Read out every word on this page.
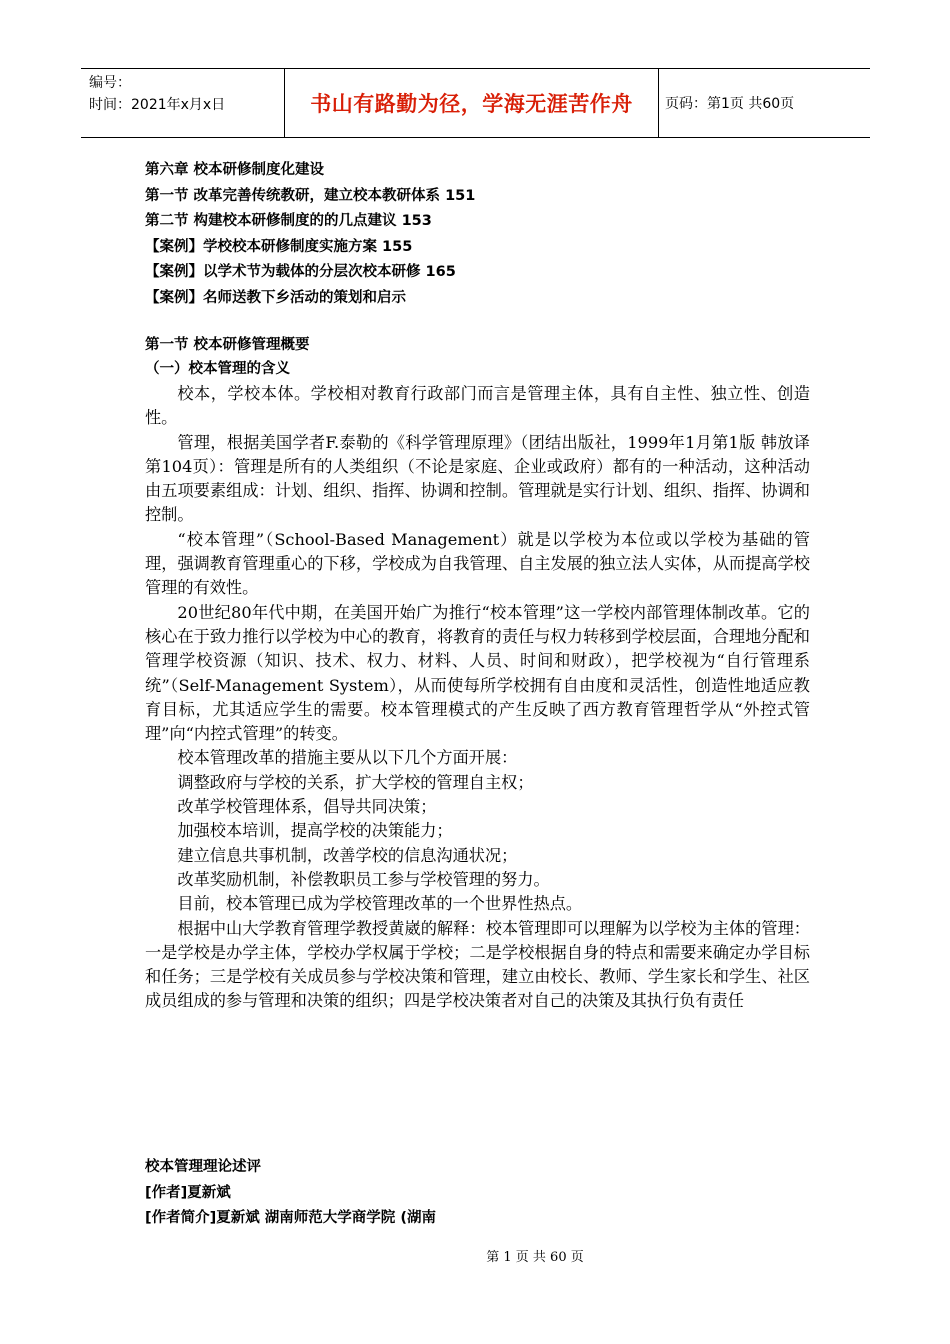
编号：
时间：2021年x月x日	书山有路勤为径，学海无涯苦作舟	页码：第1页 共60页
第六章 校本研修制度化建设
第一节 改革完善传统教研，建立校本教研体系 151
第二节 构建校本研修制度的的几点建议 153
【案例】学校校本研修制度实施方案 155
【案例】以学术节为载体的分层次校本研修 165
【案例】名师送教下乡活动的策划和启示
第一节 校本研修管理概要
（一）校本管理的含义

校本，学校本体。学校相对教育行政部门而言是管理主体，具有自主性、独立性、创造性。

管理，根据美国学者F.泰勒的《科学管理原理》（团结出版社，1999年1月第1版 韩放译第104页）：管理是所有的人类组织（不论是家庭、企业或政府）都有的一种活动，这种活动由五项要素组成：计划、组织、指挥、协调和控制。管理就是实行计划、组织、指挥、协调和控制。

“校本管理”（School-Based Management）就是以学校为本位或以学校为基础的管理，强调教育管理重心的下移，学校成为自我管理、自主发展的独立法人实体，从而提高学校管理的有效性。

20世纪80年代中期，在美国开始广为推行“校本管理”这一学校内部管理体制改革。它的核心在于致力推行以学校为中心的教育，将教育的责任与权力转移到学校层面，合理地分配和管理学校资源（知识、技术、权力、材料、人员、时间和财政），把学校视为“自行管理系统”（Self-Management System），从而使每所学校拥有自由度和灵活性，创造性地适应教育目标，尤其适应学生的需要。校本管理模式的产生反映了西方教育管理哲学从“外控式管理”向“内控式管理”的转变。

校本管理改革的措施主要从以下几个方面开展：

调整政府与学校的关系，扩大学校的管理自主权；

改革学校管理体系，倡导共同决策；

加强校本培训，提高学校的决策能力；

建立信息共事机制，改善学校的信息沟通状况；

改革奖励机制，补偿教职员工参与学校管理的努力。

目前，校本管理已成为学校管理改革的一个世界性热点。

根据中山大学教育管理学教授黄崴的解释：校本管理即可以理解为以学校为主体的管理：一是学校是办学主体，学校办学权属于学校；二是学校根据自身的特点和需要来确定办学目标和任务；三是学校有关成员参与学校决策和管理，建立由校长、教师、学生家长和学生、社区成员组成的参与管理和决策的组织；四是学校决策者对自己的决策及其执行负有责任

校本管理理论述评
[作者]夏新斌
[作者简介]夏新斌 湖南师范大学商学院 (湖南
第 1 页 共 60 页
